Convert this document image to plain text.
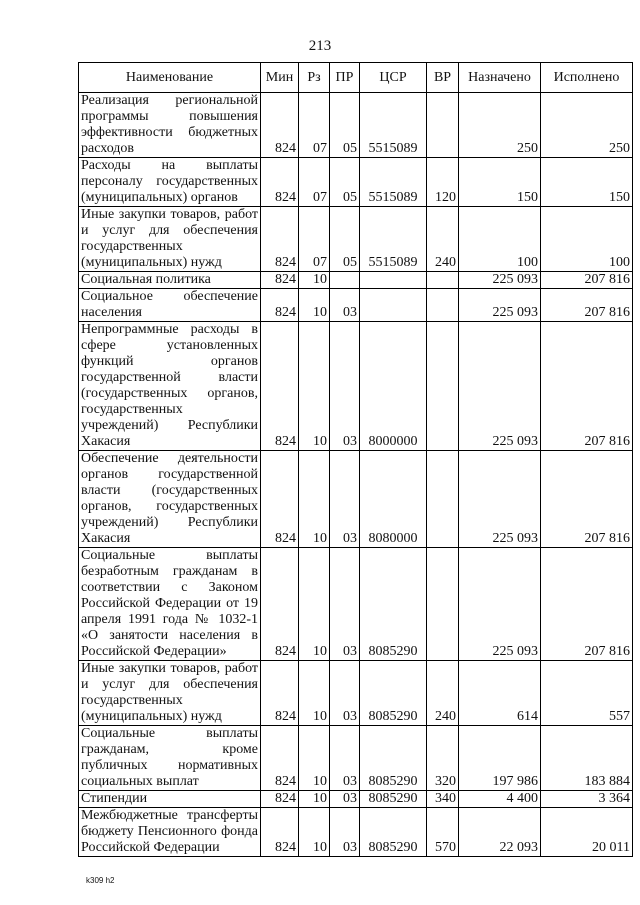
213
Наименование	Мин	Рз	ПР	ЦСР	ВР	Назначено	Исполнено
Реализация региональной программы повышения эффективности бюджетных расходов	824	07	05	5515089		250	250
Расходы на выплаты персоналу государственных (муниципальных) органов	824	07	05	5515089	120	150	150
Иные закупки товаров, работ и услуг для обеспечения государственных (муниципальных) нужд	824	07	05	5515089	240	100	100
Социальная политика	824	10				225 093	207 816
Социальное обеспечение населения	824	10	03			225 093	207 816
Непрограммные расходы в сфере установленных функций органов государственной власти (государственных органов, государственных учреждений) Республики Хакасия	824	10	03	8000000		225 093	207 816
Обеспечение деятельности органов государственной власти (государственных органов, государственных учреждений) Республики Хакасия	824	10	03	8080000		225 093	207 816
Социальные выплаты безработным гражданам в соответствии с Законом Российской Федерации от 19 апреля 1991 года № 1032-1 «О занятости населения в Российской Федерации»	824	10	03	8085290		225 093	207 816
Иные закупки товаров, работ и услуг для обеспечения государственных (муниципальных) нужд	824	10	03	8085290	240	614	557
Социальные выплаты гражданам, кроме публичных нормативных социальных выплат	824	10	03	8085290	320	197 986	183 884
Стипендии	824	10	03	8085290	340	4 400	3 364
Межбюджетные трансферты бюджету Пенсионного фонда Российской Федерации	824	10	03	8085290	570	22 093	20 011
k309 h2
